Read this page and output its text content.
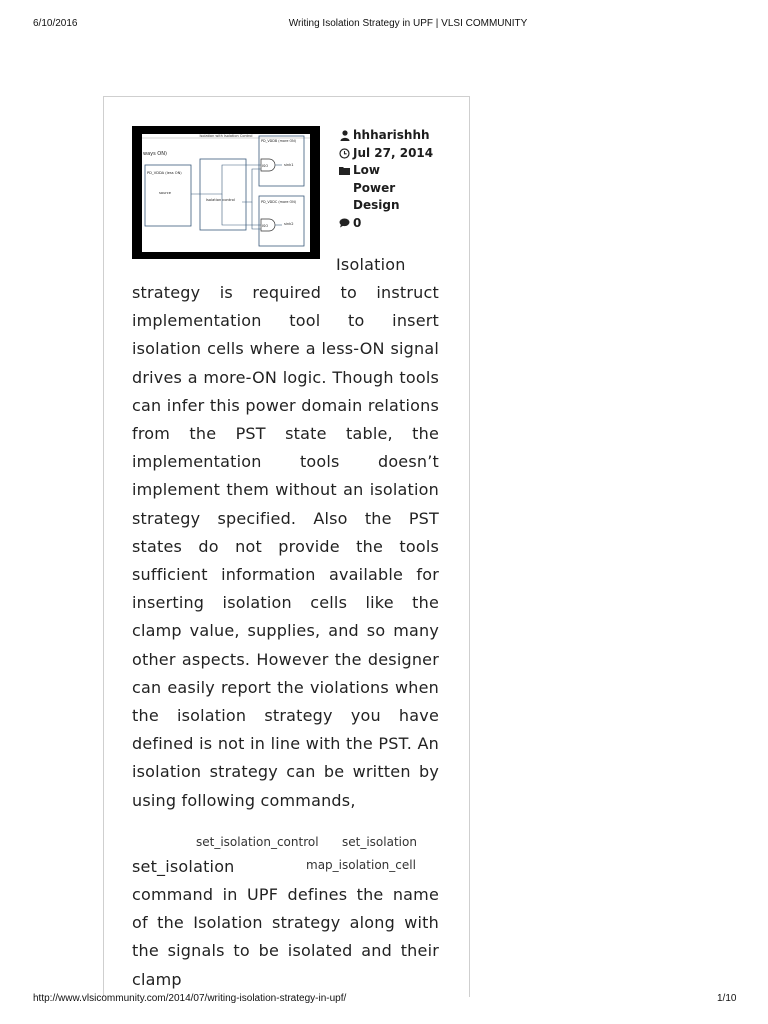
6/10/2016	Writing Isolation Strategy in UPF | VLSI COMMUNITY
Isolation with Isolation Control
ways ON)
PD_VDDA (less ON)
source
Isolation control
PD_VDDB (more ON)
sink1
PD_VDDC (more ON)
sink2
ISO
ISO
hhharishhh
Jul 27, 2014
Low Power Design
0
Isolation
strategy is required to instruct implementation tool to insert isolation cells where a less-ON signal drives a more-ON logic. Though tools can infer this power domain relations from the PST state table, the implementation tools doesn’t implement them without an isolation strategy specified. Also the PST states do not provide the tools sufficient information available for inserting isolation cells like the clamp value, supplies, and so many other aspects. However the designer can easily report the violations when the isolation strategy you have defined is not in line with the PST. An isolation strategy can be written by using following commands,
set_isolation_control set_isolation
map_isolation_cell
set_isolation
command in UPF defines the name of the Isolation strategy along with the signals to be isolated and their clamp
http://www.vlsicommunity.com/2014/07/writing-isolation-strategy-in-upf/	1/10
